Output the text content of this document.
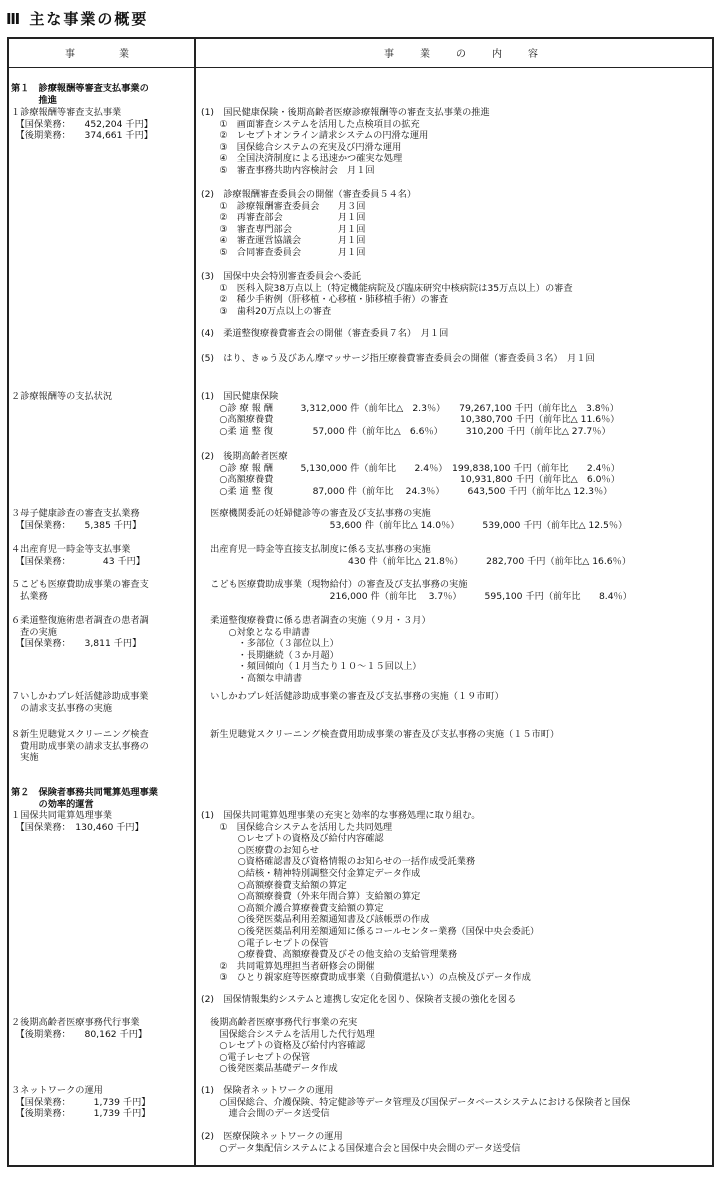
Ⅲ 主な事業の概要
事　　業	事　業　の　内　容
第１　診療報酬等審査支払事業の
　　　推進
１診療報酬等審査支払事業
　【国保業務：　　452,204 千円】
　【後期業務：　　374,661 千円】
(1)　国民健康保険・後期高齢者医療診療報酬等の審査支払事業の推進
　　①　画面審査システムを活用した点検項目の拡充
　　②　レセプトオンライン請求システムの円滑な運用
　　③　国保総合システムの充実及び円滑な運用
　　④　全国決済制度による迅速かつ確実な処理
　　⑤　審査事務共助内容検討会　月１回
(2)　診療報酬審査委員会の開催（審査委員５４名）
　　①　診療報酬審査委員会　　月３回
　　②　再審査部会　　　　　　月１回
　　③　審査専門部会　　　　　月１回
　　④　審査運営協議会　　　　月１回
　　⑤　合同審査委員会　　　　月１回
(3)　国保中央会特別審査委員会へ委託
　　①　医科入院38万点以上（特定機能病院及び臨床研究中核病院は35万点以上）の審査
　　②　稀少手術例（肝移植・心移植・肺移植手術）の審査
　　③　歯科20万点以上の審査
(4)　柔道整復療養費審査会の開催（審査委員７名）　月１回
(5)　はり、きゅう及びあん摩マッサージ指圧療養費審査委員会の開催（審査委員３名）　月１回
２診療報酬等の支払状況	(1)　国民健康保険
　　○診 療 報 酬　　　3,312,000 件（前年比△　2.3％）　　79,267,100 千円（前年比△　3.8％）
　　○高額療養費　　　　　　　　　　　　　　　　　　　　 10,380,700 千円（前年比△ 11.6％）
　　○柔 道 整 復　　　　 57,000 件（前年比△　6.6％）　　　310,200 千円（前年比△ 27.7％）
(2)　後期高齢者医療
　　○診 療 報 酬　　　5,130,000 件（前年比　　2.4％）　199,838,100 千円（前年比　　2.4％）
　　○高額療養費　　　　　　　　　　　　　　　　　　　　 10,931,800 千円（前年比△　6.0％）
　　○柔 道 整 復　　　　 87,000 件（前年比　 24.3％）　　　643,500 千円（前年比△ 12.3％）
３母子健康診査の審査支払業務
　【国保業務：　　5,385 千円】
　医療機関委託の妊婦健診等の審査及び支払事務の実施
　　　　　　　　　　　　　　53,600 件（前年比△ 14.0％）　　　539,000 千円（前年比△ 12.5％）
４出産育児一時金等支払事業
　【国保業務：　　　　43 千円】
　出産育児一時金等直接支払制度に係る支払事務の実施
　　　　　　　　　　　　　　　　430 件（前年比△ 21.8％）　　　282,700 千円（前年比△ 16.6％）
５こども医療費助成事業の審査支
　払業務
　こども医療費助成事業（現物給付）の審査及び支払事務の実施
　　　　　　　　　　　　　　216,000 件（前年比　 3.7％）　　　595,100 千円（前年比　　8.4％）
６柔道整復施術患者調査の患者調
　査の実施
　【国保業務：　　3,811 千円】
　柔道整復療養費に係る患者調査の実施（９月・３月）
　　　○対象となる申請書
　　　　・多部位（３部位以上）
　　　　・長期継続（３か月超）
　　　　・頻回傾向（１月当たり１０～１５回以上）
　　　　・高額な申請書
７いしかわプレ妊活健診助成事業
　の請求支払事務の実施
　いしかわプレ妊活健診助成事業の審査及び支払事務の実施（１９市町）
８新生児聴覚スクリーニング検査
　費用助成事業の請求支払事務の
　実施
　新生児聴覚スクリーニング検査費用助成事業の審査及び支払事務の実施（１５市町）
第２　保険者事務共同電算処理事業
　　　の効率的運営
１国保共同電算処理事業
　【国保業務：　130,460 千円】
(1)　国保共同電算処理事業の充実と効率的な事務処理に取り組む。
　　①　国保総合システムを活用した共同処理
　　　　○レセプトの資格及び給付内容確認
　　　　○医療費のお知らせ
　　　　○資格確認書及び資格情報のお知らせの一括作成受託業務
　　　　○結核・精神特別調整交付金算定データ作成
　　　　○高額療養費支給額の算定
　　　　○高額療養費（外来年間合算）支給額の算定
　　　　○高額介護合算療養費支給額の算定
　　　　○後発医薬品利用差額通知書及び該帳票の作成
　　　　○後発医薬品利用差額通知に係るコールセンター業務（国保中央会委託）
　　　　○電子レセプトの保管
　　　　○療養費、高額療養費及びその他支給の支給管理業務
　　②　共同電算処理担当者研修会の開催
　　③　ひとり親家庭等医療費助成事業（自動償還払い）の点検及びデータ作成
(2)　国保情報集約システムと連携し安定化を図り、保険者支援の強化を図る
２後期高齢者医療事務代行事業
　【後期業務：　　80,162 千円】
　後期高齢者医療事務代行事業の充実
　　国保総合システムを活用した代行処理
　　○レセプトの資格及び給付内容確認
　　○電子レセプトの保管
　　○後発医薬品基礎データ作成
３ネットワークの運用
　【国保業務：　　　1,739 千円】
　【後期業務：　　　1,739 千円】
(1)　保険者ネットワークの運用
　　○国保総合、介護保険、特定健診等データ管理及び国保データベースシステムにおける保険者と国保
　　　連合会間のデータ送受信
(2)　医療保険ネットワークの運用
　　○データ集配信システムによる国保連合会と国保中央会間のデータ送受信
